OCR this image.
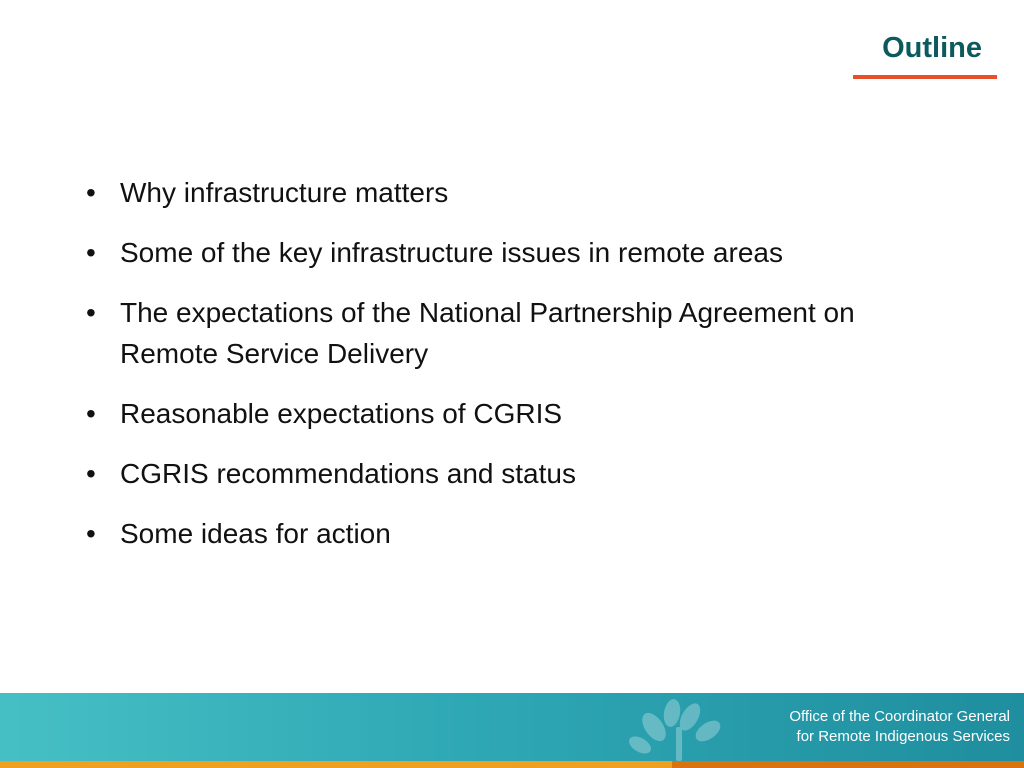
Outline
• Why infrastructure matters
• Some of the key infrastructure issues in remote areas
• The expectations of the National Partnership Agreement on Remote Service Delivery
• Reasonable expectations of CGRIS
• CGRIS recommendations and status
• Some ideas for action
Office of the Coordinator General
for Remote Indigenous Services
